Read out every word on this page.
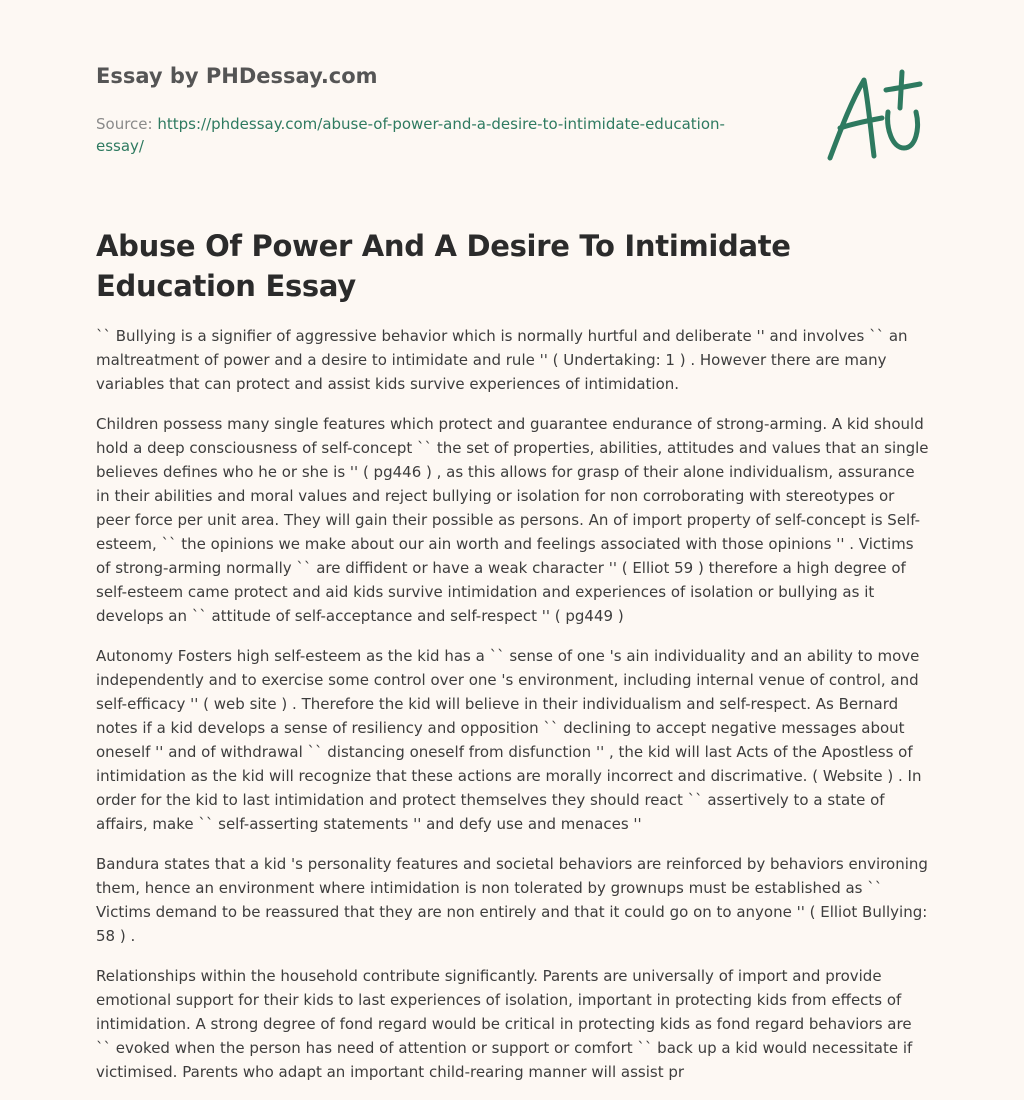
Essay by PHDessay.com

Source: https://phdessay.com/abuse-of-power-and-a-desire-to-intimidate-education-essay/

Abuse Of Power And A Desire To Intimidate Education Essay

`` Bullying is a signifier of aggressive behavior which is normally hurtful and deliberate '' and involves `` an maltreatment of power and a desire to intimidate and rule '' ( Undertaking: 1 ) . However there are many variables that can protect and assist kids survive experiences of intimidation.

Children possess many single features which protect and guarantee endurance of strong-arming. A kid should hold a deep consciousness of self-concept `` the set of properties, abilities, attitudes and values that an single believes defines who he or she is '' ( pg446 ) , as this allows for grasp of their alone individualism, assurance in their abilities and moral values and reject bullying or isolation for non corroborating with stereotypes or peer force per unit area. They will gain their possible as persons. An of import property of self-concept is Self-esteem, `` the opinions we make about our ain worth and feelings associated with those opinions '' . Victims of strong-arming normally `` are diffident or have a weak character '' ( Elliot 59 ) therefore a high degree of self-esteem came protect and aid kids survive intimidation and experiences of isolation or bullying as it develops an `` attitude of self-acceptance and self-respect '' ( pg449 )

Autonomy Fosters high self-esteem as the kid has a `` sense of one 's ain individuality and an ability to move independently and to exercise some control over one 's environment, including internal venue of control, and self-efficacy '' ( web site ) . Therefore the kid will believe in their individualism and self-respect. As Bernard notes if a kid develops a sense of resiliency and opposition `` declining to accept negative messages about oneself '' and of withdrawal `` distancing oneself from disfunction '' , the kid will last Acts of the Apostless of intimidation as the kid will recognize that these actions are morally incorrect and discrimative. ( Website ) . In order for the kid to last intimidation and protect themselves they should react `` assertively to a state of affairs, make `` self-asserting statements '' and defy use and menaces ''

Bandura states that a kid 's personality features and societal behaviors are reinforced by behaviors environing them, hence an environment where intimidation is non tolerated by grownups must be established as `` Victims demand to be reassured that they are non entirely and that it could go on to anyone '' ( Elliot Bullying: 58 ) .

Relationships within the household contribute significantly. Parents are universally of import and provide emotional support for their kids to last experiences of isolation, important in protecting kids from effects of intimidation. A strong degree of fond regard would be critical in protecting kids as fond regard behaviors are `` evoked when the person has need of attention or support or comfort `` back up a kid would necessitate if victimised. Parents who adapt an important child-rearing manner will assist pr
